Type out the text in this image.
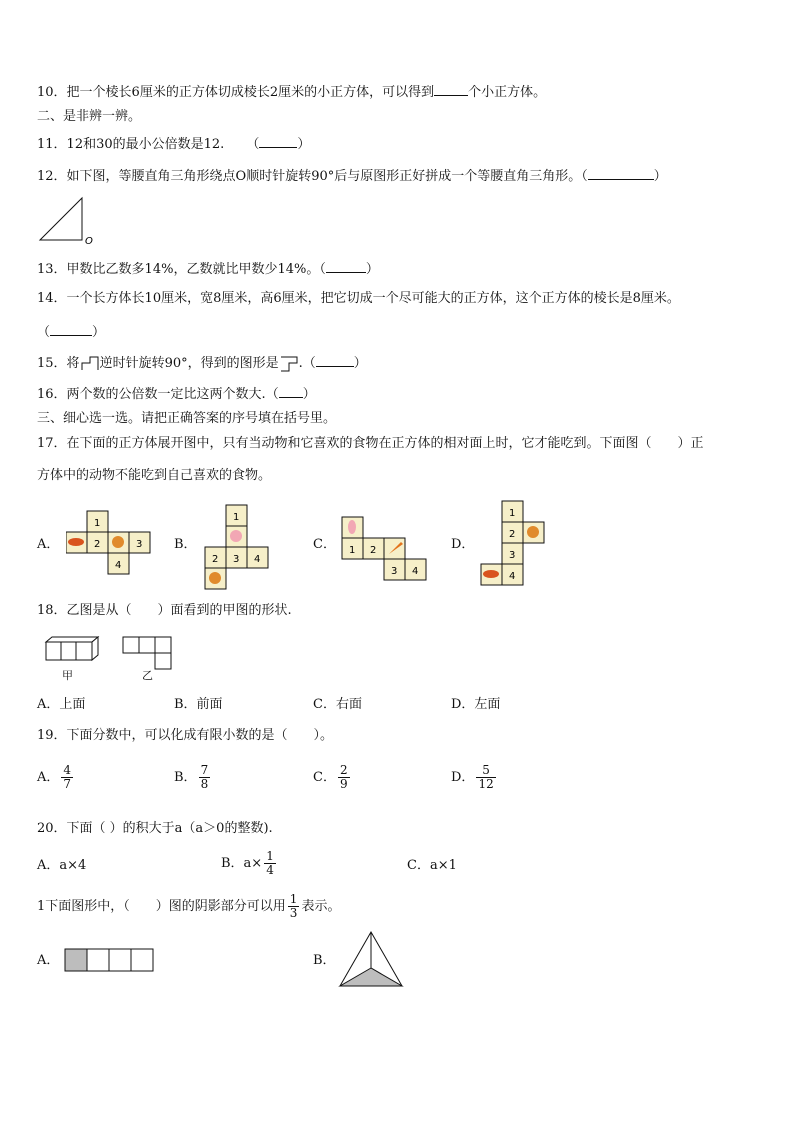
10．把一个棱长6厘米的正方体切成棱长2厘米的小正方体，可以得到	个小正方体。
二、是非辨一辨。
11．12和30的最小公倍数是12. （	）
12．如下图，等腰直角三角形绕点O顺时针旋转90°后与原图形正好拼成一个等腰直角三角形。（	）
O
13．甲数比乙数多14%，乙数就比甲数少14%。（	）
14．一个长方体长10厘米，宽8厘米，高6厘米，把它切成一个尽可能大的正方体，这个正方体的棱长是8厘米。
（	）
15．将 逆时针旋转90°，得到的图形是 .（	）
16．两个数的公倍数一定比这两个数大.（ ）
三、细心选一选。请把正确答案的序号填在括号里。
17．在下面的正方体展开图中，只有当动物和它喜欢的食物在正方体的相对面上时，它才能吃到。下面图（　　）正
方体中的动物不能吃到自己喜欢的食物。
A．	B．	C．	D．
1
2	3
4
1
2 3 4
1 2
3 4
1
2
3
4
18．乙图是从（　　）面看到的甲图的形状.
甲	乙
A．上面	B．前面	C．右面	D．左面
19．下面分数中，可以化成有限小数的是（　　）。
A． $\frac{4}{7}$	B． $\frac{7}{8}$	C． $\frac{2}{9}$	D． $\frac{5}{12}$
20．下面（ ）的积大于a（a＞0的整数).
A．a×4	B．$a\times \frac{1}{4}$	C．a×1
1下面图形中，（　　）图的阴影部分可以用 $\frac{1}{3}$ 表示。
A．	B．
